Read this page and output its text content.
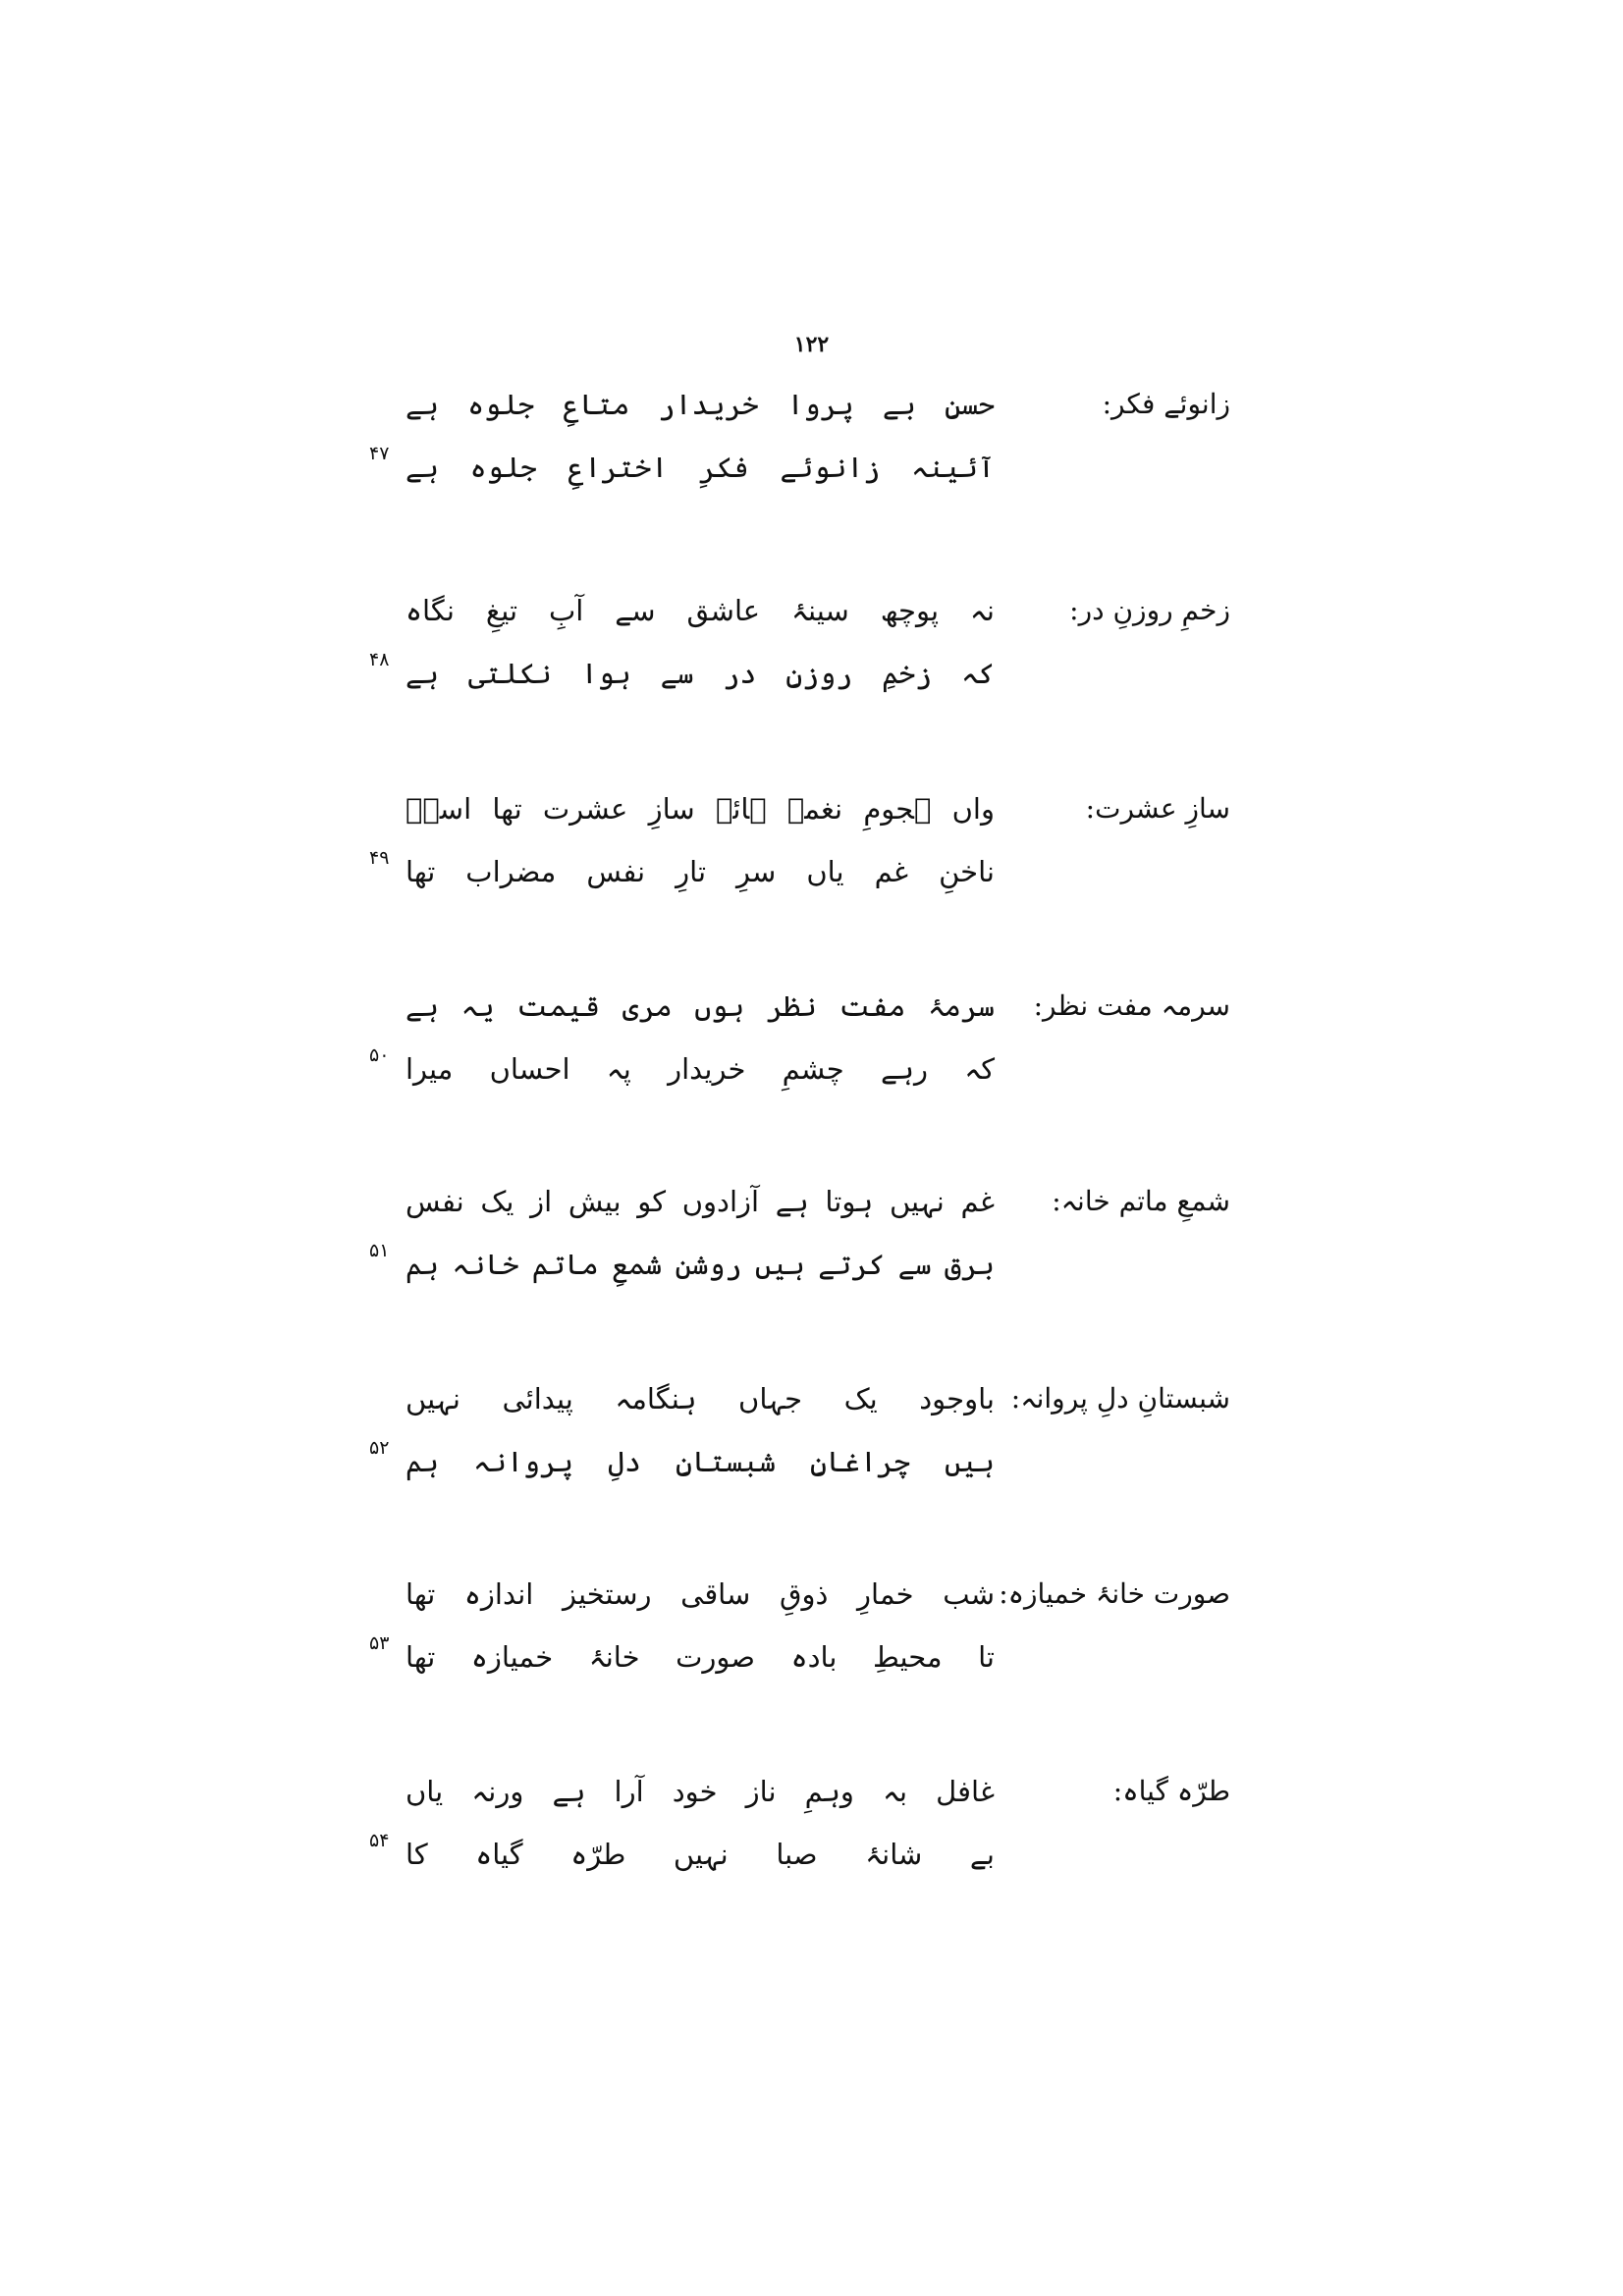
۱۲۲
زانوئے فکر:
حسنِ بے پروا خریدار متاعِ جلوہ ہے
آئینہ زانوئے فکرِ اختراعِ جلوہ ہے
۴۷
زخمِ روزنِ در:
نہ پوچھ سینۂ عاشق سے آبِ تیغِ نگاہ
کہ زخمِ روزنِ در سے ہوا نکلتی ہے
۴۸
سازِ عشرت:
واں ہجومِ نغمہ ہائے سازِ عشرت تھا اسدؔ
ناخنِ غم یاں سرِ تارِ نفس مضراب تھا
۴۹
سرمہ مفت نظر:
سرمۂ مفت نظر ہوں مری قیمت یہ ہے
کہ رہے چشمِ خریدار پہ احساں میرا
۵۰
شمعِ ماتم خانہ:
غم نہیں ہوتا ہے آزادوں کو بیش از یک نفس
برق سے کرتے ہیں روشن شمعِ ماتم خانہ ہم
۵۱
شبستانِ دلِ پروانہ:
باوجود یک جہاں ہنگامہ پیدائی نہیں
ہیں چراغانِ شبستانِ دلِ پروانہ ہم
۵۲
صورت خانۂ خمیازہ:
شب خمارِ ذوقِ ساقی رستخیز اندازہ تھا
تا محیطِ بادہ صورت خانۂ خمیازہ تھا
۵۳
طرّہ گیاہ:
غافل بہ وہمِ ناز خود آرا ہے ورنہ یاں
بے شانۂ صبا نہیں طرّہ گیاہ کا
۵۴
